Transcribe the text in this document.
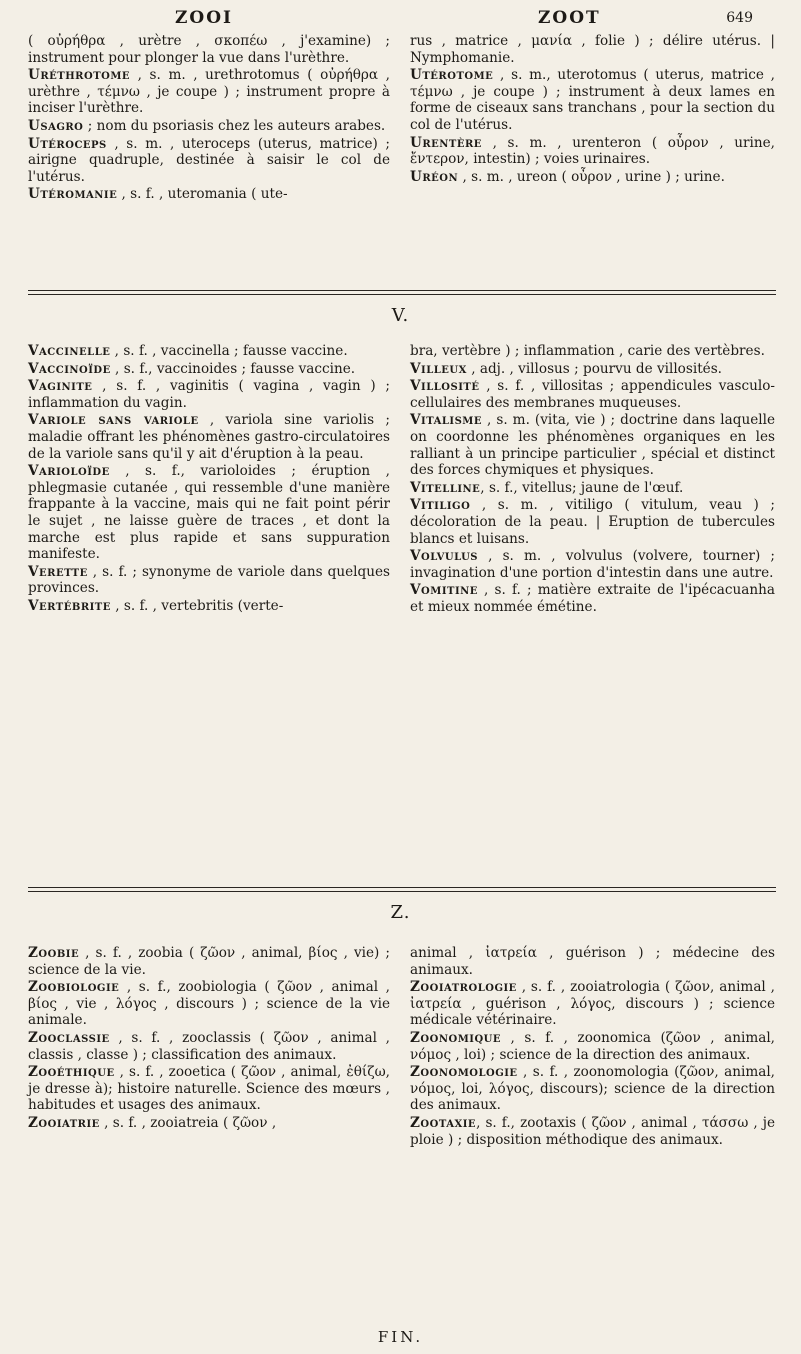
ZOOI	ZOOT	649

( οὐρήθρα , urètre , σκοπέω , j'examine) ; instrument pour plonger la vue dans l'urèthre.

Uréthrotome , s. m. , urethrotomus ( οὐρήθρα , urèthre , τέμνω , je coupe ) ; instrument propre à inciser l'urèthre.

Usagro ; nom du psoriasis chez les auteurs arabes.

Utéroceps , s. m. , uteroceps (uterus, matrice) ; airigne quadruple, destinée à saisir le col de l'utérus.

Utéromanie , s. f. , uteromania ( ute-

rus , matrice , μανία , folie ) ; délire utérus. | Nymphomanie.

Utérotome , s. m., uterotomus ( uterus, matrice , τέμνω , je coupe ) ; instrument à deux lames en forme de ciseaux sans tranchans , pour la section du col de l'utérus.

Urentère , s. m. , urenteron ( οὖρον , urine, ἔντερον, intestin) ; voies urinaires.

Uréon , s. m. , ureon ( οὖρον , urine ) ; urine.

V.

Vaccinelle , s. f. , vaccinella ; fausse vaccine.

Vaccinoïde , s. f., vaccinoides ; fausse vaccine.

Vaginite , s. f. , vaginitis ( vagina , vagin ) ; inflammation du vagin.

Variole sans variole , variola sine variolis ; maladie offrant les phénomènes gastro-circulatoires de la variole sans qu'il y ait d'éruption à la peau.

Varioloïde , s. f., varioloides ; éruption , phlegmasie cutanée , qui ressemble d'une manière frappante à la vaccine, mais qui ne fait point périr le sujet , ne laisse guère de traces , et dont la marche est plus rapide et sans suppuration manifeste.

Verette , s. f. ; synonyme de variole dans quelques provinces.

Vertébrite , s. f. , vertebritis (verte-

bra, vertèbre ) ; inflammation , carie des vertèbres.

Villeux , adj. , villosus ; pourvu de villosités.

Villosité , s. f. , villositas ; appendicules vasculo-cellulaires des membranes muqueuses.

Vitalisme , s. m. (vita, vie ) ; doctrine dans laquelle on coordonne les phénomènes organiques en les ralliant à un principe particulier , spécial et distinct des forces chymiques et physiques.

Vitelline, s. f., vitellus; jaune de l'œuf.

Vitiligo , s. m. , vitiligo ( vitulum, veau ) ; décoloration de la peau. | Eruption de tubercules blancs et luisans.

Volvulus , s. m. , volvulus (volvere, tourner) ; invagination d'une portion d'intestin dans une autre.

Vomitine , s. f. ; matière extraite de l'ipécacuanha et mieux nommée émétine.

Z.

Zoobie , s. f. , zoobia ( ζῶον , animal, βίος , vie) ; science de la vie.

Zoobiologie , s. f., zoobiologia ( ζῶον , animal , βίος , vie , λόγος , discours ) ; science de la vie animale.

Zooclassie , s. f. , zooclassis ( ζῶον , animal , classis , classe ) ; classification des animaux.

Zooéthique , s. f. , zooetica ( ζῶον , animal, ἐθίζω, je dresse à); histoire naturelle. Science des mœurs , habitudes et usages des animaux.

Zooiatrie , s. f. , zooiatreia ( ζῶον ,

animal , ἰατρεία , guérison ) ; médecine des animaux.

Zooiatrologie , s. f. , zooiatrologia ( ζῶον, animal , ἰατρεία , guérison , λόγος, discours ) ; science médicale vétérinaire.

Zoonomique , s. f. , zoonomica (ζῶον , animal, νόμος , loi) ; science de la direction des animaux.

Zoonomologie , s. f. , zoonomologia (ζῶον, animal, νόμος, loi, λόγος, discours); science de la direction des animaux.

Zootaxie, s. f., zootaxis ( ζῶον , animal , τάσσω , je ploie ) ; disposition méthodique des animaux.

FIN.
